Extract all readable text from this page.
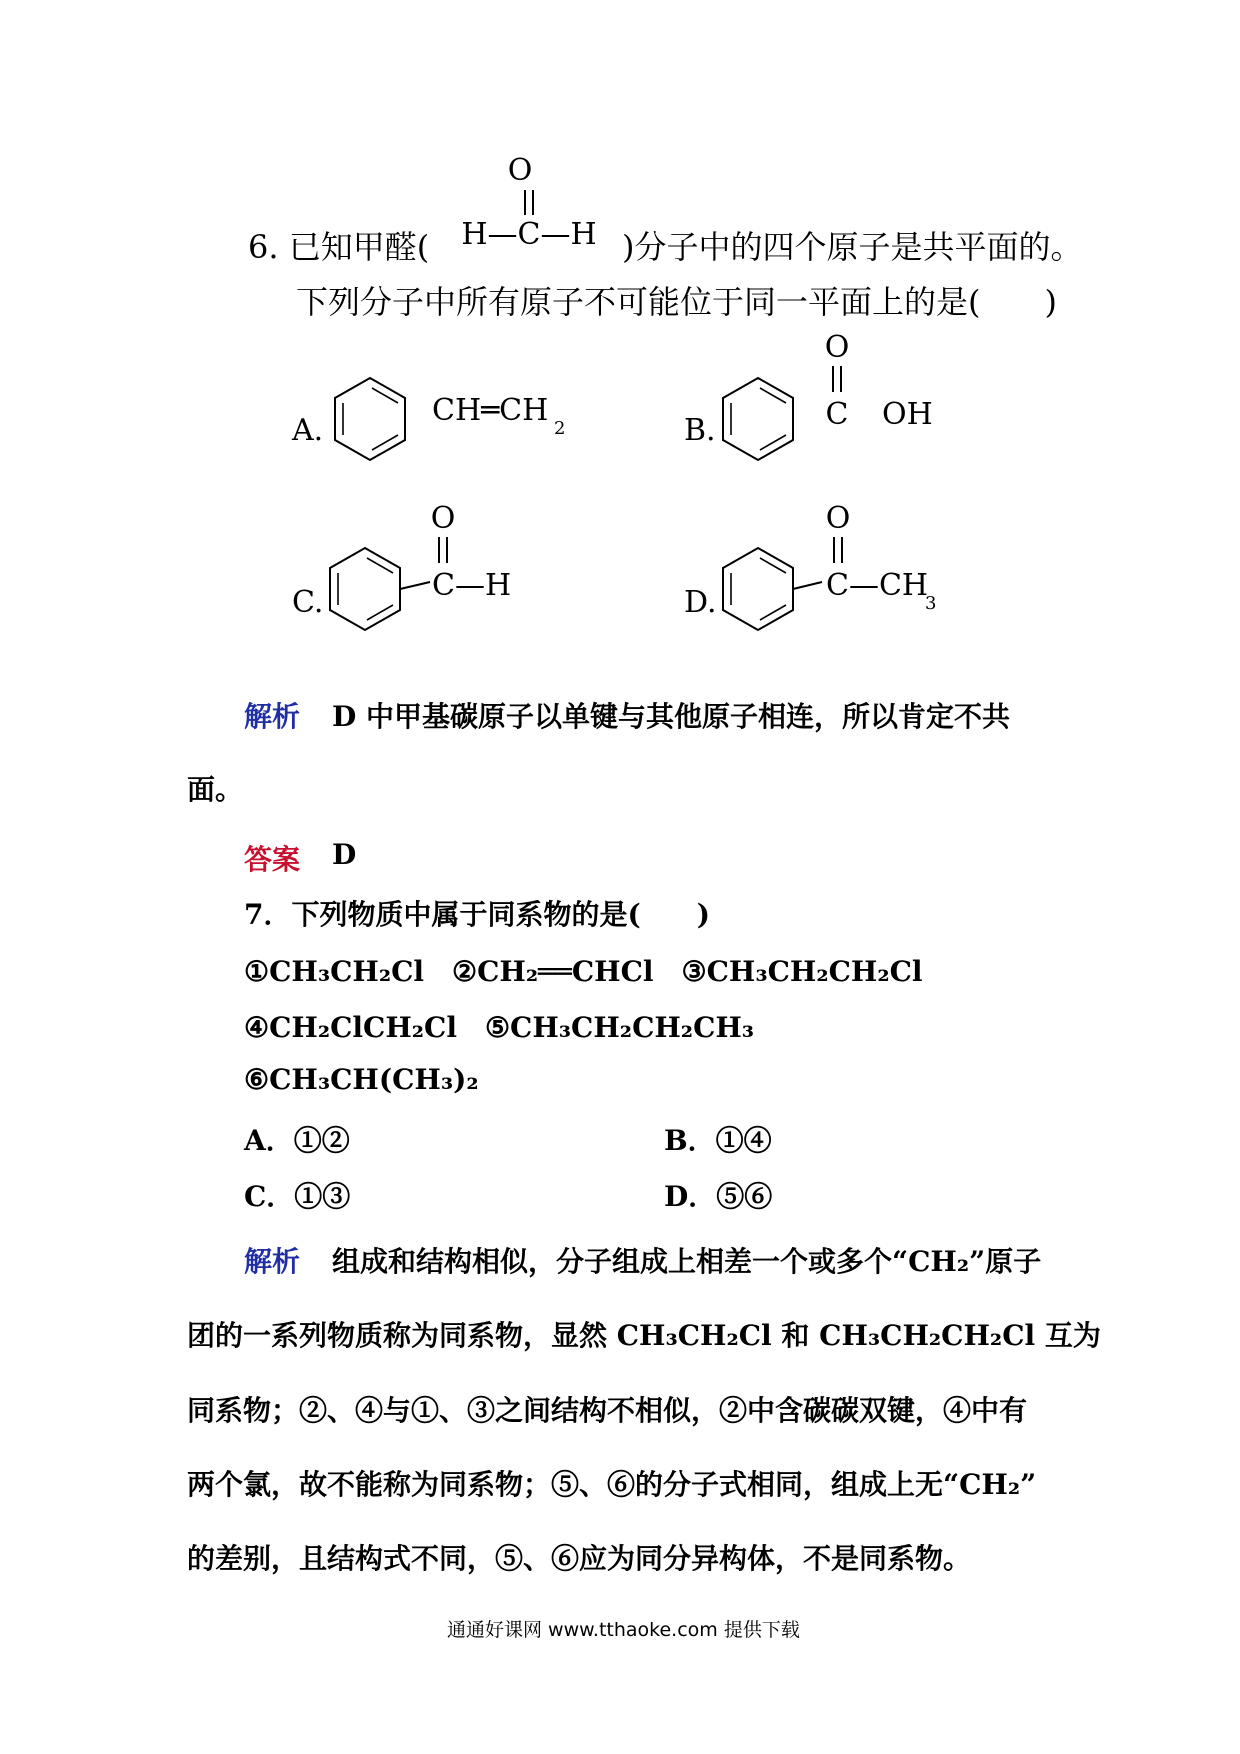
6. 已知甲醛(	)分子中的四个原子是共平面的。
下列分子中所有原子不可能位于同一平面上的是(　　)
O
H—C—H
A.
CH═CH
2	B.
O
C OH
C.
O
C—H	D.
O
C—CH
3
解析 D 中甲基碳原子以单键与其他原子相连，所以肯定不共
面。
答案 D
7．下列物质中属于同系物的是(　　)
①CH₃CH₂Cl　②CH₂══CHCl　③CH₃CH₂CH₂Cl
④CH₂ClCH₂Cl　⑤CH₃CH₂CH₂CH₃
⑥CH₃CH(CH₃)₂
A．①②	B．①④
C．①③	D．⑤⑥
解析 组成和结构相似，分子组成上相差一个或多个“CH₂”原子
团的一系列物质称为同系物，显然 CH₃CH₂Cl 和 CH₃CH₂CH₂Cl 互为
同系物；②、④与①、③之间结构不相似，②中含碳碳双键，④中有
两个氯，故不能称为同系物；⑤、⑥的分子式相同，组成上无“CH₂”
的差别，且结构式不同，⑤、⑥应为同分异构体，不是同系物。
通通好课网 www.tthaoke.com 提供下载
